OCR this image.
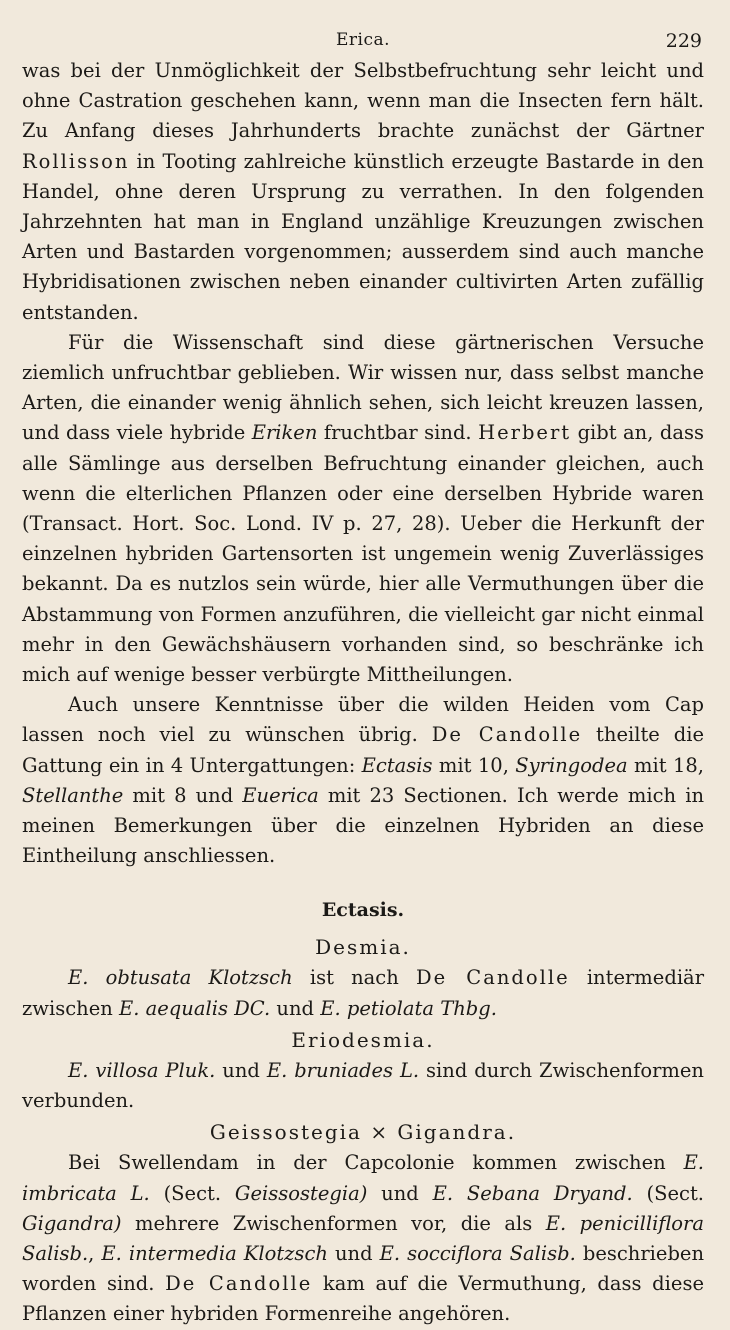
Erica.	229

was bei der Unmöglichkeit der Selbstbefruchtung sehr leicht und ohne Castration geschehen kann, wenn man die Insecten fern hält. Zu Anfang dieses Jahrhunderts brachte zunächst der Gärtner Rollisson in Tooting zahlreiche künstlich erzeugte Bastarde in den Handel, ohne deren Ursprung zu verrathen. In den folgenden Jahrzehnten hat man in England unzählige Kreuzungen zwischen Arten und Bastarden vorgenommen; ausserdem sind auch manche Hybridisationen zwischen neben einander cultivirten Arten zufällig entstanden.

Für die Wissenschaft sind diese gärtnerischen Versuche ziemlich unfruchtbar geblieben. Wir wissen nur, dass selbst manche Arten, die einander wenig ähnlich sehen, sich leicht kreuzen lassen, und dass viele hybride Eriken fruchtbar sind. Herbert gibt an, dass alle Sämlinge aus derselben Befruchtung einander gleichen, auch wenn die elterlichen Pflanzen oder eine derselben Hybride waren (Transact. Hort. Soc. Lond. IV p. 27, 28). Ueber die Herkunft der einzelnen hybriden Gartensorten ist ungemein wenig Zuverlässiges bekannt. Da es nutzlos sein würde, hier alle Vermuthungen über die Abstammung von Formen anzuführen, die vielleicht gar nicht einmal mehr in den Gewächshäusern vorhanden sind, so beschränke ich mich auf wenige besser verbürgte Mittheilungen.

Auch unsere Kenntnisse über die wilden Heiden vom Cap lassen noch viel zu wünschen übrig. De Candolle theilte die Gattung ein in 4 Untergattungen: Ectasis mit 10, Syringodea mit 18, Stellanthe mit 8 und Euerica mit 23 Sectionen. Ich werde mich in meinen Bemerkungen über die einzelnen Hybriden an diese Eintheilung anschliessen.

Ectasis.
Desmia.

E. obtusata Klotzsch ist nach De Candolle intermediär zwischen E. aequalis DC. und E. petiolata Thbg.

Eriodesmia.

E. villosa Pluk. und E. bruniades L. sind durch Zwischenformen verbunden.

Geissostegia × Gigandra.

Bei Swellendam in der Capcolonie kommen zwischen E. imbricata L. (Sect. Geissostegia) und E. Sebana Dryand. (Sect. Gigandra) mehrere Zwischenformen vor, die als E. penicilliflora Salisb., E. intermedia Klotzsch und E. socciflora Salisb. beschrieben worden sind. De Candolle kam auf die Vermuthung, dass diese Pflanzen einer hybriden Formenreihe angehören.
